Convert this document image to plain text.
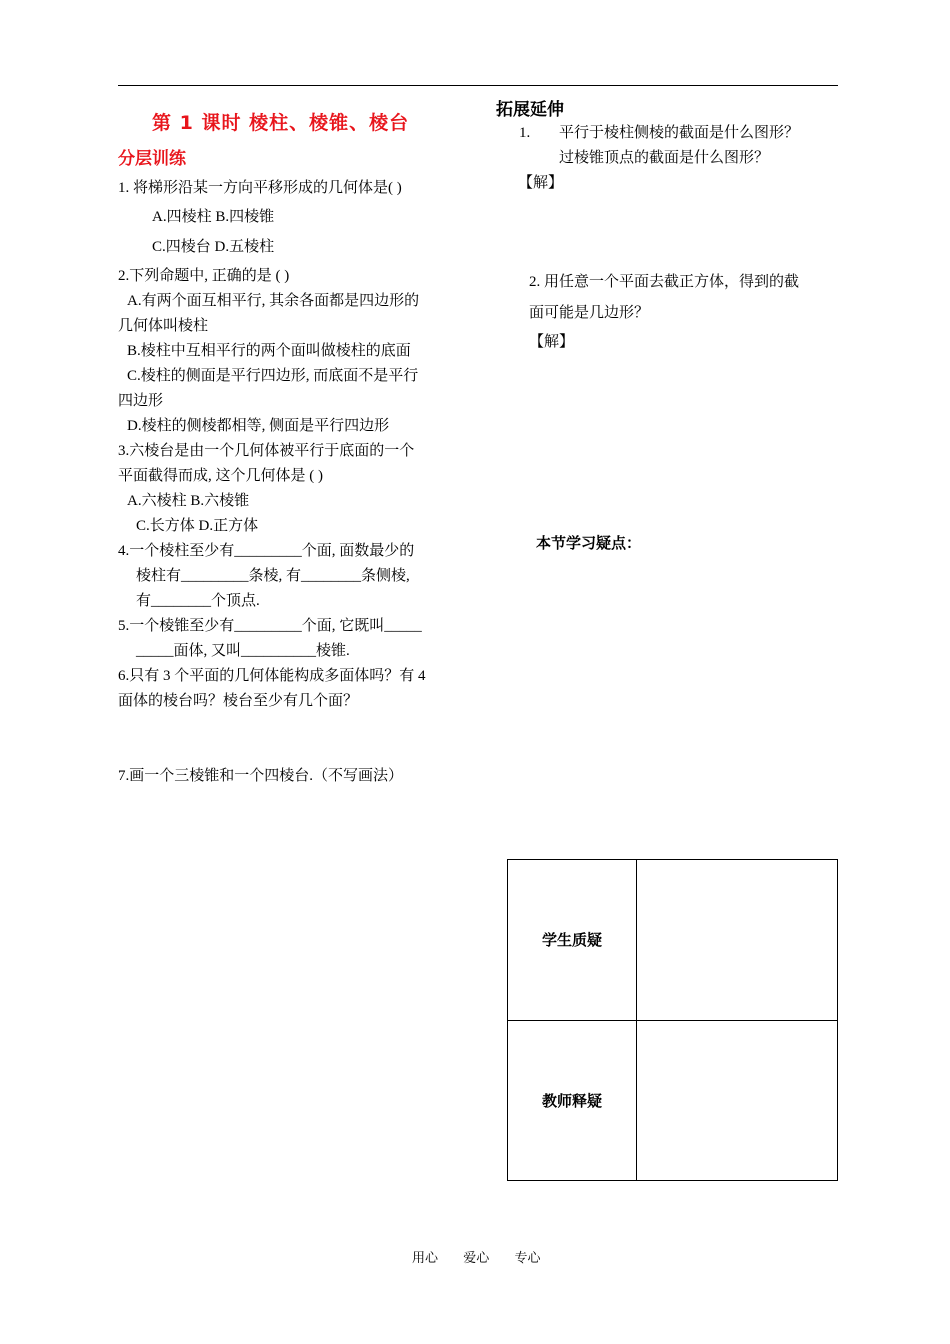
第 1 课时 棱柱、棱锥、棱台
分层训练
1. 将梯形沿某一方向平移形成的几何体是( )
A.四棱柱 B.四棱锥
C.四棱台 D.五棱柱
2.下列命题中, 正确的是 ( )
A.有两个面互相平行, 其余各面都是四边形的
几何体叫棱柱
B.棱柱中互相平行的两个面叫做棱柱的底面
C.棱柱的侧面是平行四边形, 而底面不是平行
四边形
D.棱柱的侧棱都相等, 侧面是平行四边形
3.六棱台是由一个几何体被平行于底面的一个
平面截得而成, 这个几何体是 ( )
A.六棱柱 B.六棱锥
C.长方体 D.正方体
4.一个棱柱至少有_________个面, 面数最少的
棱柱有_________条棱, 有________条侧棱,
有________个顶点.
5.一个棱锥至少有_________个面, 它既叫_____
_____面体, 又叫__________棱锥.
6.只有 3 个平面的几何体能构成多面体吗？有 4
面体的棱台吗？棱台至少有几个面？
7.画一个三棱锥和一个四棱台.（不写画法）
拓展延伸
1. 平行于棱柱侧棱的截面是什么图形？
过棱锥顶点的截面是什么图形？
【解】
2. 用任意一个平面去截正方体，得到的截
面可能是几边形？
【解】
本节学习疑点：
学生质疑	
教师释疑	
用心 爱心 专心
